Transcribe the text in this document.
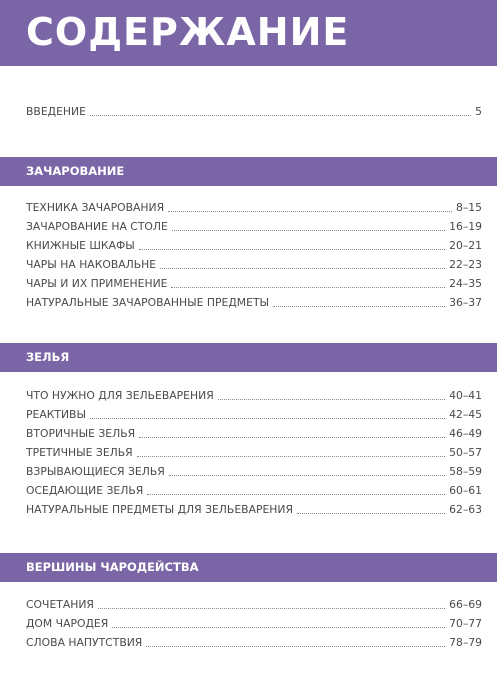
СОДЕРЖАНИЕ
ВВЕДЕНИЕ	5
ЗАЧАРОВАНИЕ
ТЕХНИКА ЗАЧАРОВАНИЯ	8–15
ЗАЧАРОВАНИЕ НА СТОЛЕ	16–19
КНИЖНЫЕ ШКАФЫ	20–21
ЧАРЫ НА НАКОВАЛЬНЕ	22–23
ЧАРЫ И ИХ ПРИМЕНЕНИЕ	24–35
НАТУРАЛЬНЫЕ ЗАЧАРОВАННЫЕ ПРЕДМЕТЫ	36–37
ЗЕЛЬЯ
ЧТО НУЖНО ДЛЯ ЗЕЛЬЕВАРЕНИЯ	40–41
РЕАКТИВЫ	42–45
ВТОРИЧНЫЕ ЗЕЛЬЯ	46–49
ТРЕТИЧНЫЕ ЗЕЛЬЯ	50–57
ВЗРЫВАЮЩИЕСЯ ЗЕЛЬЯ	58–59
ОСЕДАЮЩИЕ ЗЕЛЬЯ	60–61
НАТУРАЛЬНЫЕ ПРЕДМЕТЫ ДЛЯ ЗЕЛЬЕВАРЕНИЯ	62–63
ВЕРШИНЫ ЧАРОДЕЙСТВА
СОЧЕТАНИЯ	66–69
ДОМ ЧАРОДЕЯ	70–77
СЛОВА НАПУТСТВИЯ	78–79
